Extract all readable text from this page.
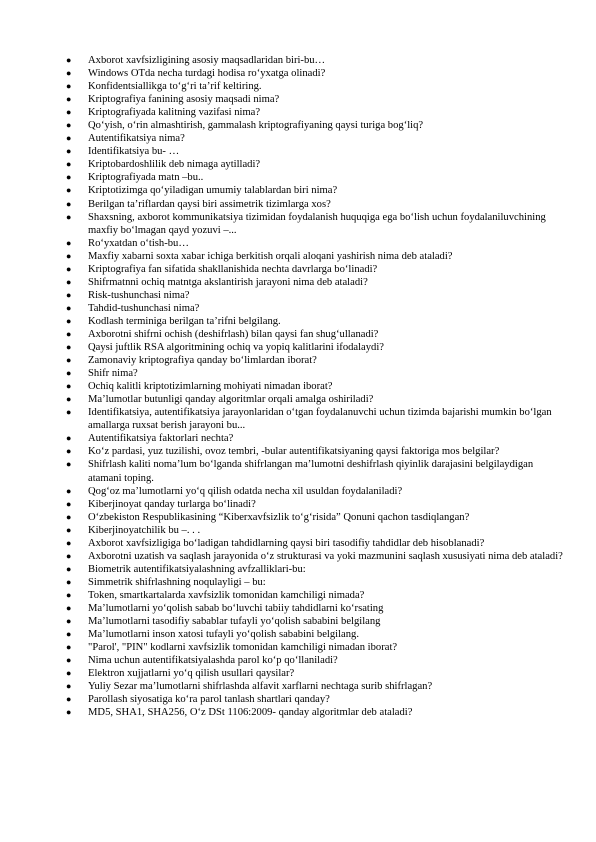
● Axborot xavfsizligining asosiy maqsadlaridan biri-bu…
● Windows OTda necha turdagi hodisa ro‘yxatga olinadi?
● Konfidentsiallikga to‘g‘ri ta’rif keltiring.
● Kriptografiya fanining asosiy maqsadi nima?
● Kriptografiyada kalitning vazifasi nima?
● Qo‘yish, o‘rin almashtirish, gammalash kriptografiyaning qaysi turiga bog‘liq?
● Autentifikatsiya nima?
● Identifikatsiya bu- …
● Kriptobardoshlilik deb nimaga aytilladi?
● Kriptografiyada matn –bu..
● Kriptotizimga qo‘yiladigan umumiy talablardan biri nima?
● Berilgan ta’riflardan qaysi biri assimetrik tizimlarga xos?
● Shaxsning, axborot kommunikatsiya tizimidan foydalanish huquqiga ega bo‘lish uchun foydalaniluvchining maxfiy bo‘lmagan qayd yozuvi –...
● Ro‘yxatdan o‘tish-bu…
● Maxfiy xabarni soxta xabar ichiga berkitish orqali aloqani yashirish nima deb ataladi?
● Kriptografiya fan sifatida shakllanishida nechta davrlarga bo‘linadi?
● Shifrmatnni ochiq matntga akslantirish jarayoni nima deb ataladi?
● Risk-tushunchasi nima?
● Tahdid-tushunchasi nima?
● Kodlash terminiga berilgan ta’rifni belgilang.
● Axborotni shifrni ochish (deshifrlash) bilan qaysi fan shug‘ullanadi?
● Qaysi juftlik RSA algoritmining ochiq va yopiq kalitlarini ifodalaydi?
● Zamonaviy kriptografiya qanday bo‘limlardan iborat?
● Shifr nima?
● Ochiq kalitli kriptotizimlarning mohiyati nimadan iborat?
● Ma’lumotlar butunligi qanday algoritmlar orqali amalga oshiriladi?
● Identifikatsiya, autentifikatsiya jarayonlaridan o‘tgan foydalanuvchi uchun tizimda bajarishi mumkin bo‘lgan amallarga ruxsat berish jarayoni bu...
● Autentifikatsiya faktorlari nechta?
● Ko‘z pardasi, yuz tuzilishi, ovoz tembri, -bular autentifikatsiyaning qaysi faktoriga mos belgilar?
● Shifrlash kaliti noma’lum bo‘lganda shifrlangan ma’lumotni deshifrlash qiyinlik darajasini belgilaydigan atamani toping.
● Qog‘oz ma’lumotlarni yo‘q qilish odatda necha xil usuldan foydalaniladi?
● Kiberjinoyat qanday turlarga bo‘linadi?
● O‘zbekiston Respublikasining “Kiberxavfsizlik to‘g‘risida” Qonuni qachon tasdiqlangan?
● Kiberjinoyatchilik bu –. . .
● Axborot xavfsizligiga bo‘ladigan tahdidlarning qaysi biri tasodifiy tahdidlar deb hisoblanadi?
● Axborotni uzatish va saqlash jarayonida o‘z strukturasi va yoki mazmunini saqlash xususiyati nima deb ataladi?
● Biometrik autentifikatsiyalashning avfzalliklari-bu:
● Simmetrik shifrlashning noqulayligi – bu:
● Token, smartkartalarda xavfsizlik tomonidan kamchiligi nimada?
● Ma’lumotlarni yo‘qolish sabab bo‘luvchi tabiiy tahdidlarni ko‘rsating
● Ma’lumotlarni tasodifiy sabablar tufayli yo‘qolish sababini belgilang
● Ma’lumotlarni inson xatosi tufayli yo‘qolish sababini belgilang.
● "Parol', "PIN" kodlarni xavfsizlik tomonidan kamchiligi nimadan iborat?
● Nima uchun autentifikatsiyalashda parol ko‘p qo‘llaniladi?
● Elektron xujjatlarni yo‘q qilish usullari qaysilar?
● Yuliy Sezar ma’lumotlarni shifrlashda alfavit xarflarni nechtaga surib shifrlagan?
● Parollash siyosatiga ko‘ra parol tanlash shartlari qanday?
● MD5, SHA1, SHA256, O‘z DSt 1106:2009- qanday algoritmlar deb ataladi?
